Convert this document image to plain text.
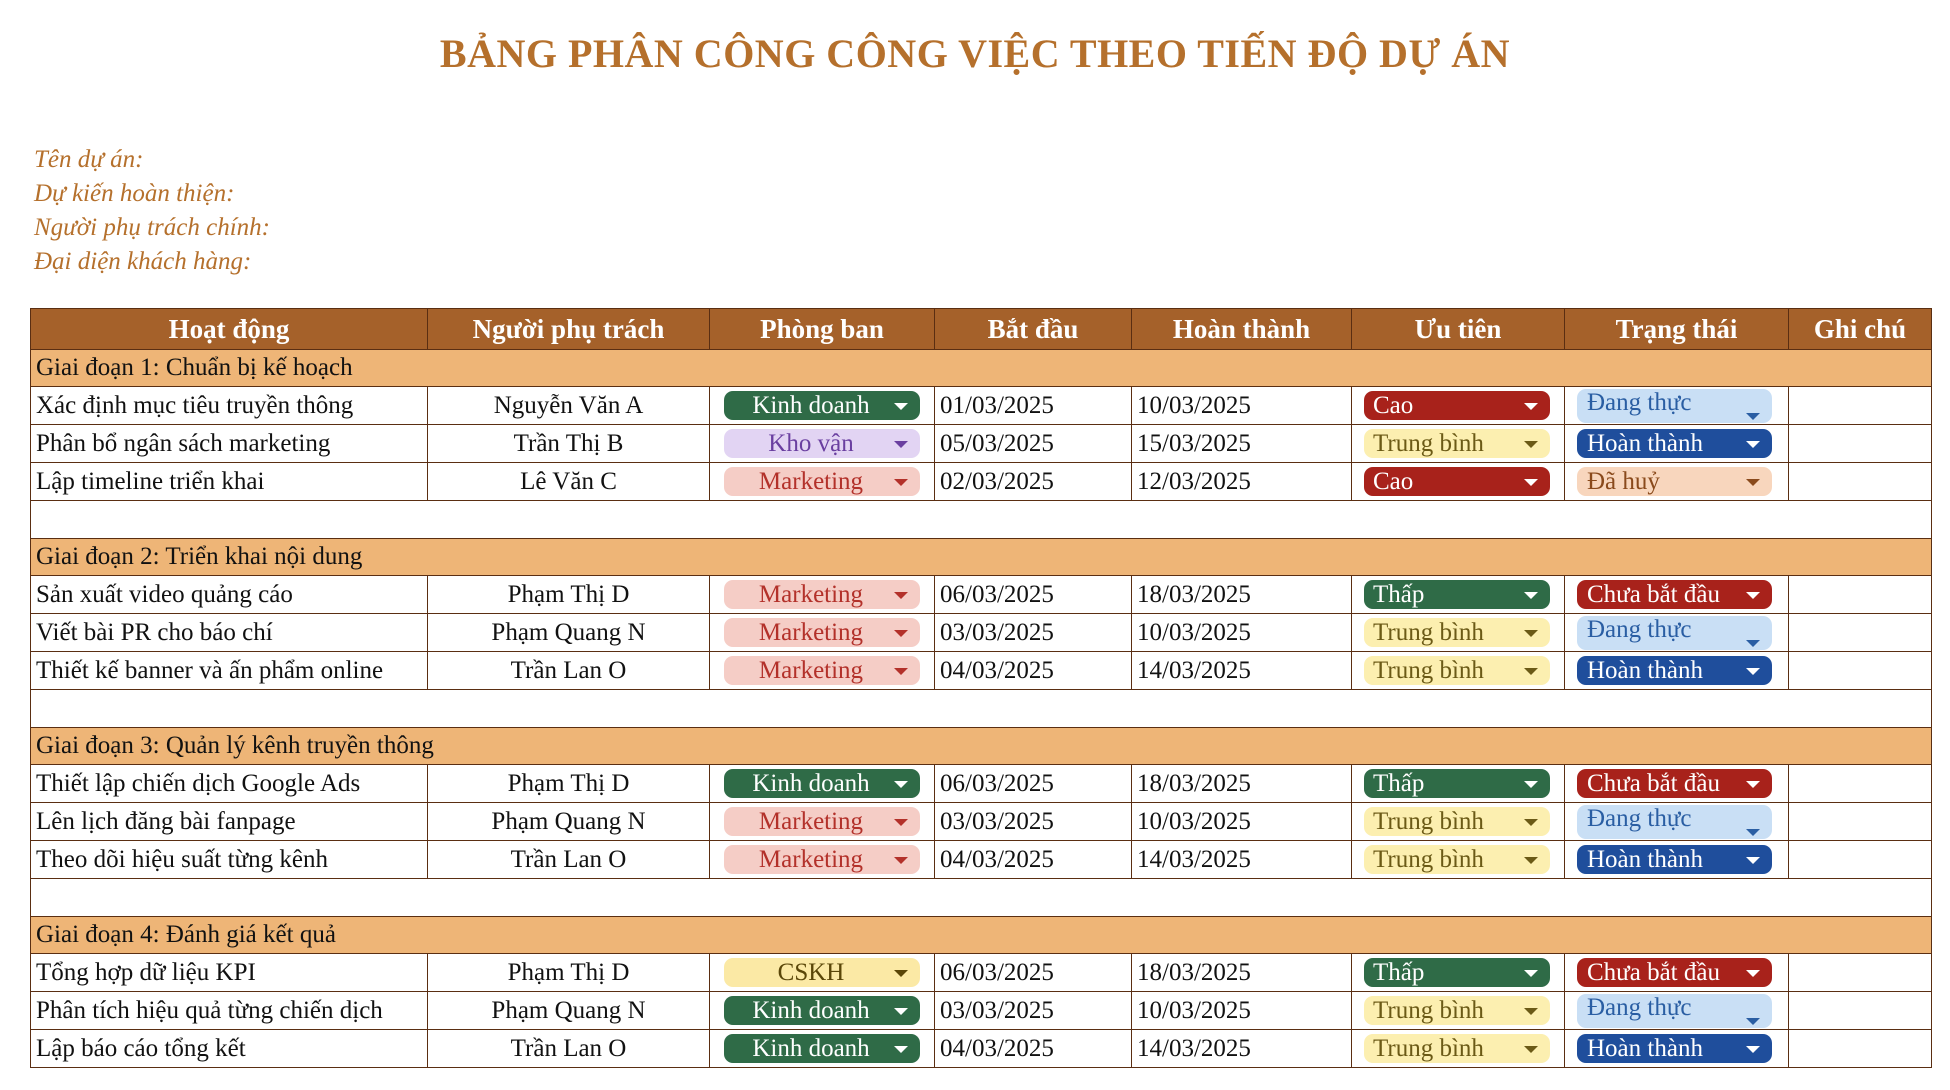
BẢNG PHÂN CÔNG CÔNG VIỆC THEO TIẾN ĐỘ DỰ ÁN
Tên dự án:
Dự kiến hoàn thiện:
Người phụ trách chính:
Đại diện khách hàng:
Hoạt động	Người phụ trách	Phòng ban	Bắt đầu	Hoàn thành	Ưu tiên	Trạng thái	Ghi chú
Giai đoạn 1: Chuẩn bị kế hoạch							
Xác định mục tiêu truyền thông	Nguyễn Văn A	Kinh doanh	01/03/2025	10/03/2025	Cao	Đang thực	

Phân bổ ngân sách marketing	Trần Thị B	Kho vận	05/03/2025	15/03/2025	Trung bình	Hoàn thành	

Lập timeline triển khai	Lê Văn C	Marketing	02/03/2025	12/03/2025	Cao	Đã huỷ	

Giai đoạn 2: Triển khai nội dung							
Sản xuất video quảng cáo	Phạm Thị D	Marketing	06/03/2025	18/03/2025	Thấp	Chưa bắt đầu	

Viết bài PR cho báo chí	Phạm Quang N	Marketing	03/03/2025	10/03/2025	Trung bình	Đang thực	

Thiết kế banner và ấn phẩm online	Trần Lan O	Marketing	04/03/2025	14/03/2025	Trung bình	Hoàn thành	

Giai đoạn 3: Quản lý kênh truyền thông							
Thiết lập chiến dịch Google Ads	Phạm Thị D	Kinh doanh	06/03/2025	18/03/2025	Thấp	Chưa bắt đầu	

Lên lịch đăng bài fanpage	Phạm Quang N	Marketing	03/03/2025	10/03/2025	Trung bình	Đang thực	

Theo dõi hiệu suất từng kênh	Trần Lan O	Marketing	04/03/2025	14/03/2025	Trung bình	Hoàn thành	

Giai đoạn 4: Đánh giá kết quả							
Tổng hợp dữ liệu KPI	Phạm Thị D	CSKH	06/03/2025	18/03/2025	Thấp	Chưa bắt đầu	

Phân tích hiệu quả từng chiến dịch	Phạm Quang N	Kinh doanh	03/03/2025	10/03/2025	Trung bình	Đang thực	

Lập báo cáo tổng kết	Trần Lan O	Kinh doanh	04/03/2025	14/03/2025	Trung bình	Hoàn thành	
